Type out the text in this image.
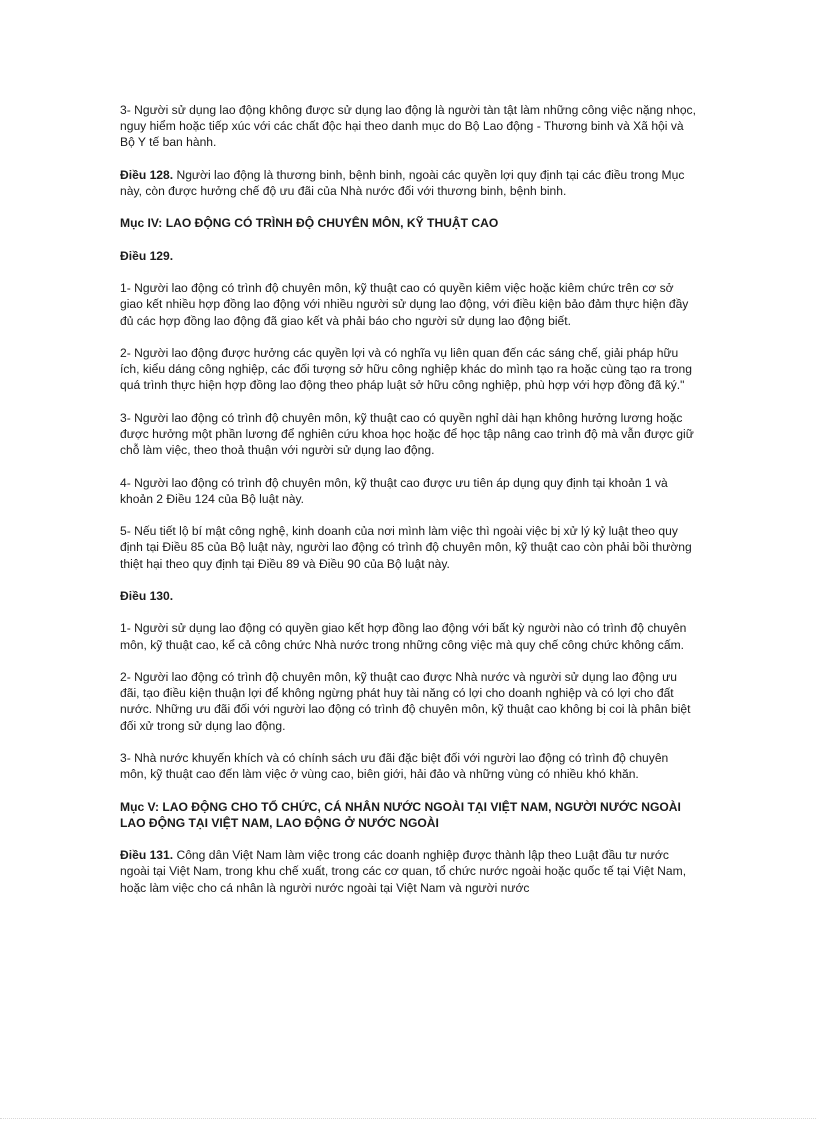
3- Người sử dụng lao động không được sử dụng lao động là người tàn tật làm những công việc nặng nhọc, nguy hiểm hoặc tiếp xúc với các chất độc hại theo danh mục do Bộ Lao động - Thương binh và Xã hội và Bộ Y tế ban hành.

Điều 128. Người lao động là thương binh, bệnh binh, ngoài các quyền lợi quy định tại các điều trong Mục này, còn được hưởng chế độ ưu đãi của Nhà nước đối với thương binh, bệnh binh.

Mục IV: LAO ĐỘNG CÓ TRÌNH ĐỘ CHUYÊN MÔN, KỸ THUẬT CAO

Điều 129.

1- Người lao động có trình độ chuyên môn, kỹ thuật cao có quyền kiêm việc hoặc kiêm chức trên cơ sở giao kết nhiều hợp đồng lao động với nhiều người sử dụng lao động, với điều kiện bảo đảm thực hiện đầy đủ các hợp đồng lao động đã giao kết và phải báo cho người sử dụng lao động biết.

2- Người lao động được hưởng các quyền lợi và có nghĩa vụ liên quan đến các sáng chế, giải pháp hữu ích, kiểu dáng công nghiệp, các đối tượng sở hữu công nghiệp khác do mình tạo ra hoặc cùng tạo ra trong quá trình thực hiện hợp đồng lao động theo pháp luật sở hữu công nghiệp, phù hợp với hợp đồng đã ký."

3- Người lao động có trình độ chuyên môn, kỹ thuật cao có quyền nghỉ dài hạn không hưởng lương hoặc được hưởng một phần lương để nghiên cứu khoa học hoặc để học tập nâng cao trình độ mà vẫn được giữ chỗ làm việc, theo thoả thuận với người sử dụng lao động.

4- Người lao động có trình độ chuyên môn, kỹ thuật cao được ưu tiên áp dụng quy định tại khoản 1 và khoản 2 Điều 124 của Bộ luật này.

5- Nếu tiết lộ bí mật công nghệ, kinh doanh của nơi mình làm việc thì ngoài việc bị xử lý kỷ luật theo quy định tại Điều 85 của Bộ luật này, người lao động có trình độ chuyên môn, kỹ thuật cao còn phải bồi thường thiệt hại theo quy định tại Điều 89 và Điều 90 của Bộ luật này.

Điều 130.

1- Người sử dụng lao động có quyền giao kết hợp đồng lao động với bất kỳ người nào có trình độ chuyên môn, kỹ thuật cao, kể cả công chức Nhà nước trong những công việc mà quy chế công chức không cấm.

2- Người lao động có trình độ chuyên môn, kỹ thuật cao được Nhà nước và người sử dụng lao động ưu đãi, tạo điều kiện thuận lợi để không ngừng phát huy tài năng có lợi cho doanh nghiệp và có lợi cho đất nước. Những ưu đãi đối với người lao động có trình độ chuyên môn, kỹ thuật cao không bị coi là phân biệt đối xử trong sử dụng lao động.

3- Nhà nước khuyến khích và có chính sách ưu đãi đặc biệt đối với người lao động có trình độ chuyên môn, kỹ thuật cao đến làm việc ở vùng cao, biên giới, hải đảo và những vùng có nhiều khó khăn.

Mục V: LAO ĐỘNG CHO TỔ CHỨC, CÁ NHÂN NƯỚC NGOÀI TẠI VIỆT NAM, NGƯỜI NƯỚC NGOÀI LAO ĐỘNG TẠI VIỆT NAM, LAO ĐỘNG Ở NƯỚC NGOÀI

Điều 131. Công dân Việt Nam làm việc trong các doanh nghiệp được thành lập theo Luật đầu tư nước ngoài tại Việt Nam, trong khu chế xuất, trong các cơ quan, tổ chức nước ngoài hoặc quốc tế tại Việt Nam, hoặc làm việc cho cá nhân là người nước ngoài tại Việt Nam và người nước
